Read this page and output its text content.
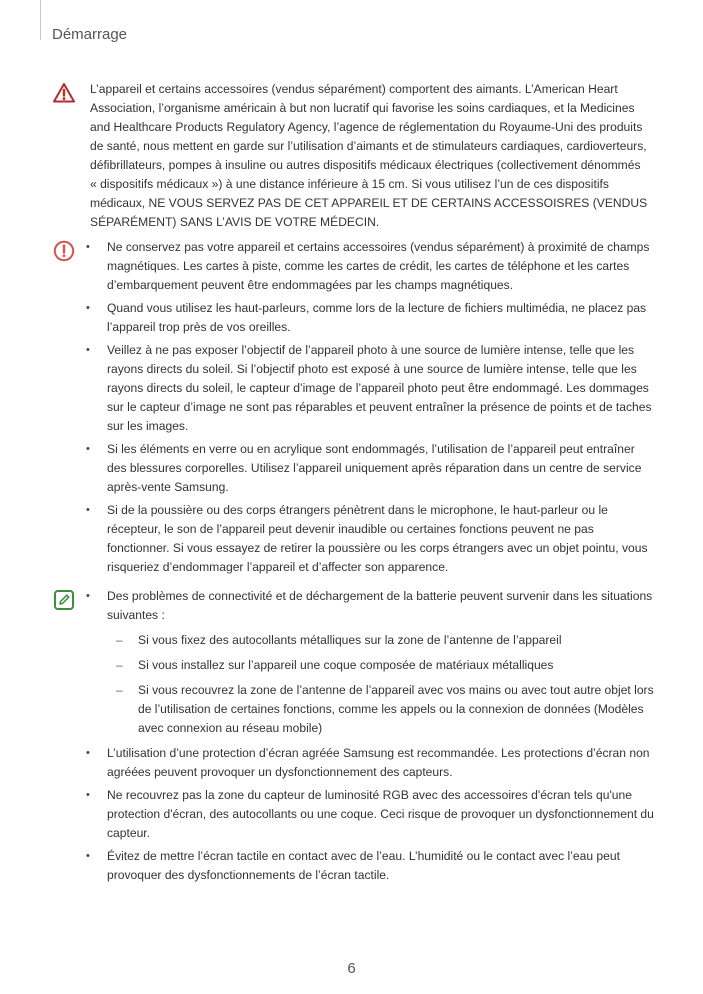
Démarrage

L’appareil et certains accessoires (vendus séparément) comportent des aimants. L’American Heart Association, l’organisme américain à but non lucratif qui favorise les soins cardiaques, et la Medicines and Healthcare Products Regulatory Agency, l’agence de réglementation du Royaume-Uni des produits de santé, nous mettent en garde sur l’utilisation d’aimants et de stimulateurs cardiaques, cardioverteurs, défibrillateurs, pompes à insuline ou autres dispositifs médicaux électriques (collectivement dénommés « dispositifs médicaux ») à une distance inférieure à 15 cm. Si vous utilisez l’un de ces dispositifs médicaux, NE VOUS SERVEZ PAS DE CET APPAREIL ET DE CERTAINS ACCESSOISRES (VENDUS SÉPARÉMENT) SANS L’AVIS DE VOTRE MÉDECIN.

• Ne conservez pas votre appareil et certains accessoires (vendus séparément) à proximité de champs magnétiques. Les cartes à piste, comme les cartes de crédit, les cartes de téléphone et les cartes d’embarquement peuvent être endommagées par les champs magnétiques.
• Quand vous utilisez les haut-parleurs, comme lors de la lecture de fichiers multimédia, ne placez pas l’appareil trop près de vos oreilles.
• Veillez à ne pas exposer l’objectif de l’appareil photo à une source de lumière intense, telle que les rayons directs du soleil. Si l’objectif photo est exposé à une source de lumière intense, telle que les rayons directs du soleil, le capteur d’image de l’appareil photo peut être endommagé. Les dommages sur le capteur d’image ne sont pas réparables et peuvent entraîner la présence de points et de taches sur les images.
• Si les éléments en verre ou en acrylique sont endommagés, l’utilisation de l’appareil peut entraîner des blessures corporelles. Utilisez l’appareil uniquement après réparation dans un centre de service après-vente Samsung.
• Si de la poussière ou des corps étrangers pénètrent dans le microphone, le haut-parleur ou le récepteur, le son de l’appareil peut devenir inaudible ou certaines fonctions peuvent ne pas fonctionner. Si vous essayez de retirer la poussière ou les corps étrangers avec un objet pointu, vous risqueriez d’endommager l’appareil et d’affecter son apparence.
• Des problèmes de connectivité et de déchargement de la batterie peuvent survenir dans les situations suivantes :
– Si vous fixez des autocollants métalliques sur la zone de l’antenne de l’appareil
– Si vous installez sur l’appareil une coque composée de matériaux métalliques
– Si vous recouvrez la zone de l’antenne de l’appareil avec vos mains ou avec tout autre objet lors de l’utilisation de certaines fonctions, comme les appels ou la connexion de données (Modèles avec connexion au réseau mobile)
• L’utilisation d’une protection d’écran agréée Samsung est recommandée. Les protections d’écran non agréées peuvent provoquer un dysfonctionnement des capteurs.
• Ne recouvrez pas la zone du capteur de luminosité RGB avec des accessoires d'écran tels qu'une protection d'écran, des autocollants ou une coque. Ceci risque de provoquer un dysfonctionnement du capteur.
• Évitez de mettre l’écran tactile en contact avec de l’eau. L’humidité ou le contact avec l’eau peut provoquer des dysfonctionnements de l’écran tactile.
6
